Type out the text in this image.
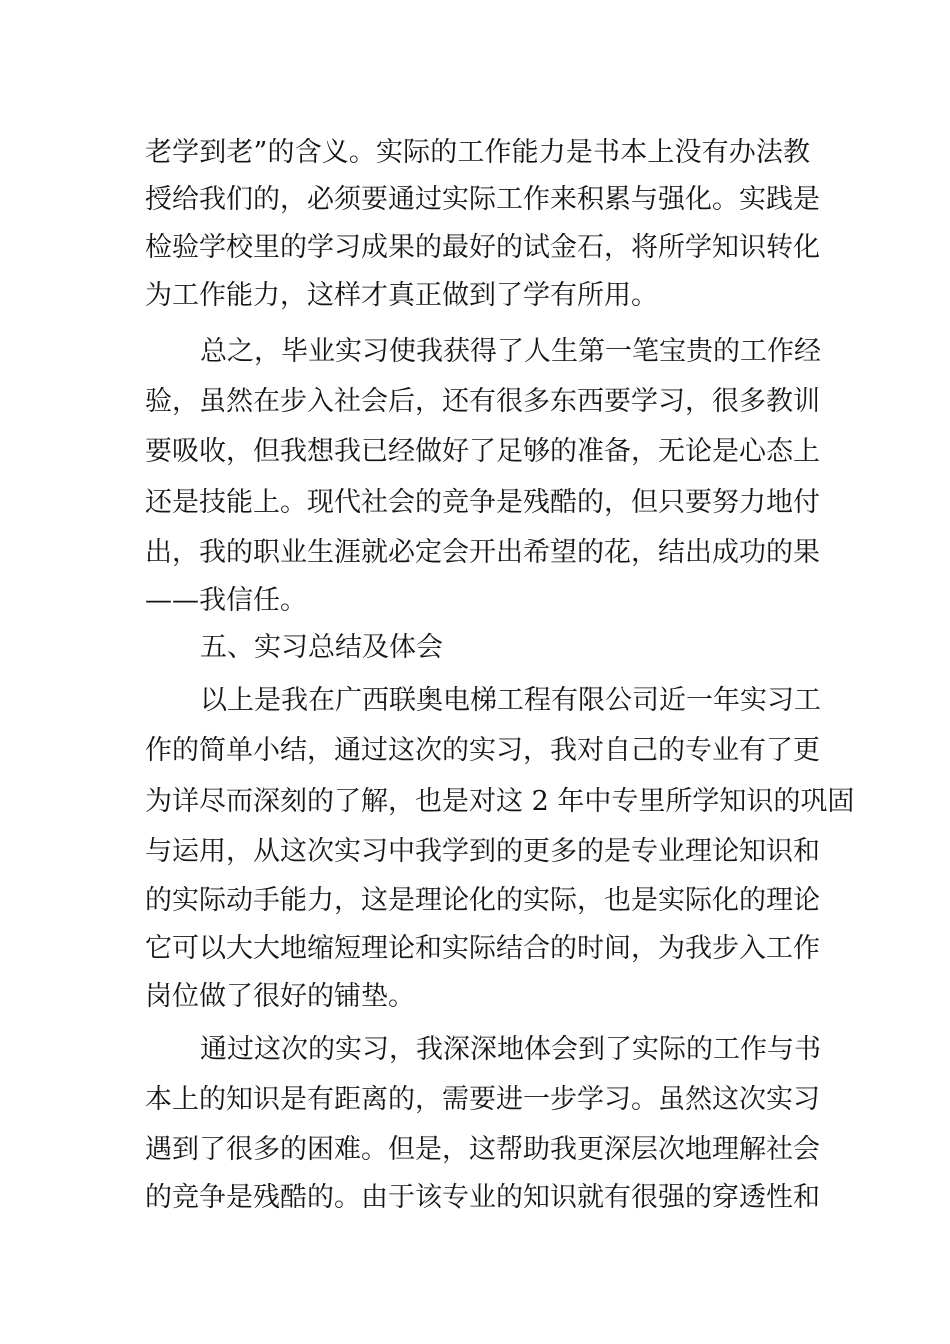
老学到老”的含义。实际的工作能力是书本上没有办法教
授给我们的，必须要通过实际工作来积累与强化。实践是
检验学校里的学习成果的最好的试金石，将所学知识转化
为工作能力，这样才真正做到了学有所用。
总之，毕业实习使我获得了人生第一笔宝贵的工作经
验，虽然在步入社会后，还有很多东西要学习，很多教训
要吸收，但我想我已经做好了足够的准备，无论是心态上
还是技能上。现代社会的竞争是残酷的，但只要努力地付
出，我的职业生涯就必定会开出希望的花，结出成功的果
——我信任。
五、实习总结及体会
以上是我在广西联奥电梯工程有限公司近一年实习工
作的简单小结，通过这次的实习，我对自己的专业有了更
为详尽而深刻的了解，也是对这 2 年中专里所学知识的巩固
与运用，从这次实习中我学到的更多的是专业理论知识和
的实际动手能力，这是理论化的实际，也是实际化的理论
它可以大大地缩短理论和实际结合的时间，为我步入工作
岗位做了很好的铺垫。
通过这次的实习，我深深地体会到了实际的工作与书
本上的知识是有距离的，需要进一步学习。虽然这次实习
遇到了很多的困难。但是，这帮助我更深层次地理解社会
的竞争是残酷的。由于该专业的知识就有很强的穿透性和
